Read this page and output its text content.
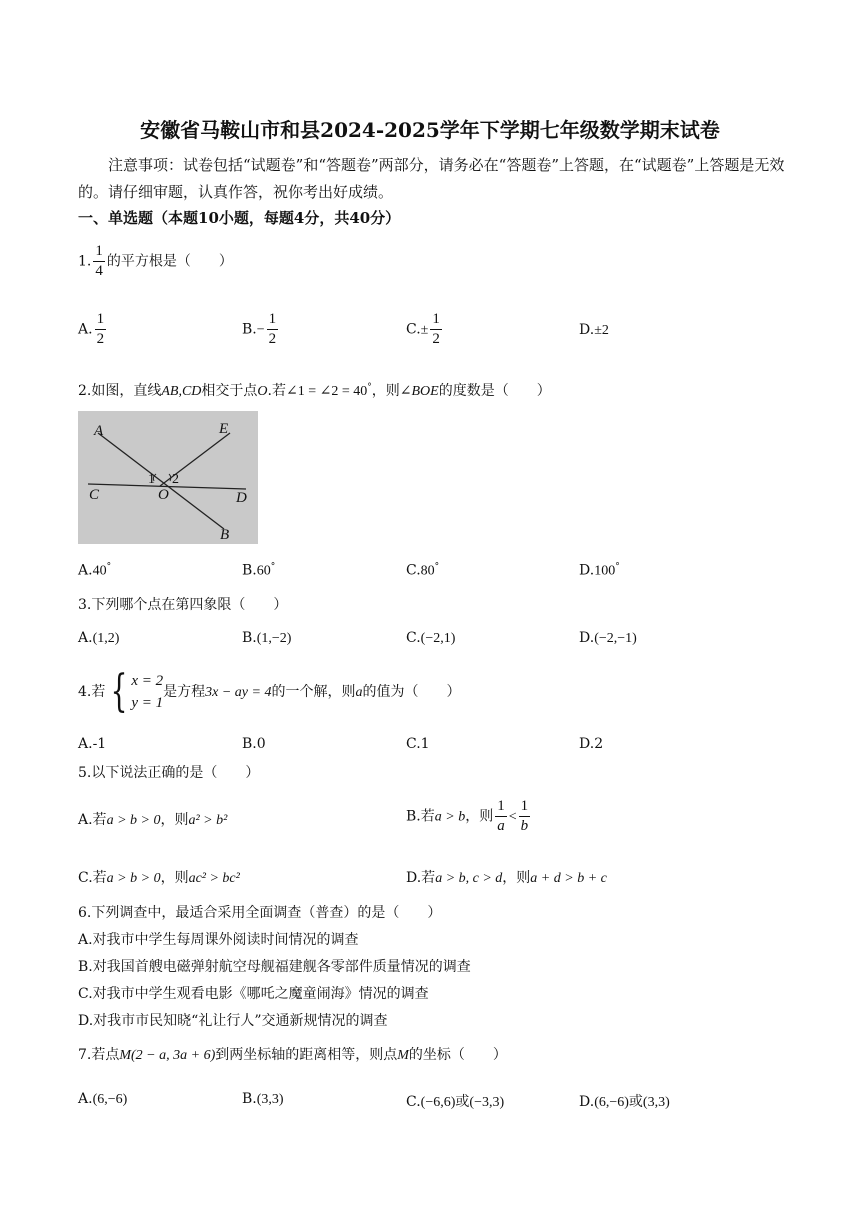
安徽省马鞍山市和县2024-2025学年下学期七年级数学期末试卷
注意事项：试卷包括“试题卷”和“答题卷”两部分，请务必在“答题卷”上答题，在“试题卷”上答题是无效的。请仔细审题，认真作答，祝你考出好成绩。
一、单选题（本题10小题，每题4分，共40分）
1. $\frac{1}{4}$ 的平方根是（　　）
A. $\frac{1}{2}$	$B.- \frac{1}{2}$	$C.\pm \frac{1}{2}$	D.±2
2.如图，直线AB,CD相交于点O.若∠1 = ∠2 = 40°，则∠BOE的度数是（　　）
A	E
C	O	D
B
1 2
A.40°	B.60°	C.80°	D.100°
3.下列哪个点在第四象限（　　）
A.(1,2)	B.(1,−2)	C.(−2,1)	D.(−2,−1)
4.若 { x = 2
y = 1
是方程3x − ay = 4的一个解，则a的值为（　　）
A.-1	B.0	C.1	D.2
5.以下说法正确的是（　　）
A.若a > b > 0，则a² > b²	B.若a > b，则 $\frac{1}{a} < \frac{1}{b}$
C.若a > b > 0，则ac² > bc²	D.若a > b, c > d，则a + d > b + c
6.下列调查中，最适合采用全面调查（普查）的是（　　）
A.对我市中学生每周课外阅读时间情况的调查
B.对我国首艘电磁弹射航空母舰福建舰各零部件质量情况的调查
C.对我市中学生观看电影《哪吒之魔童闹海》情况的调查
D.对我市市民知晓“礼让行人”交通新规情况的调查
7.若点M(2 − a, 3a + 6)到两坐标轴的距离相等，则点M的坐标（　　）
A.(6,−6)	B.(3,3)	C.(−6,6)或(−3,3)	D.(6,−6)或(3,3)
